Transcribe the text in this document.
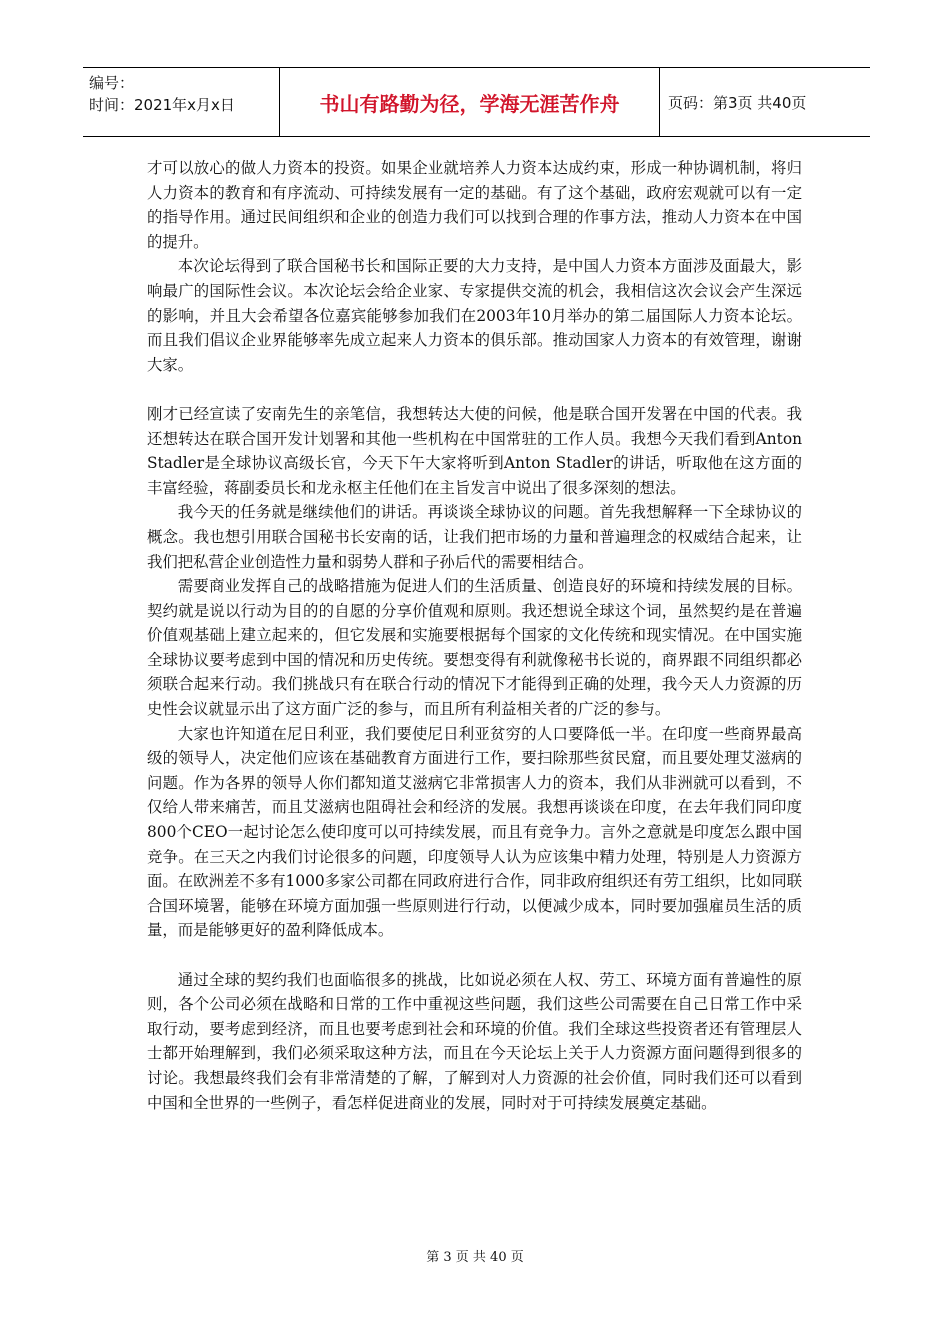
编号：
时间：2021年x月x日	书山有路勤为径，学海无涯苦作舟	页码：第3页 共40页

才可以放心的做人力资本的投资。如果企业就培养人力资本达成约束，形成一种协调机制，将归人力资本的教育和有序流动、可持续发展有一定的基础。有了这个基础，政府宏观就可以有一定的指导作用。通过民间组织和企业的创造力我们可以找到合理的作事方法，推动人力资本在中国的提升。

本次论坛得到了联合国秘书长和国际正要的大力支持，是中国人力资本方面涉及面最大，影响最广的国际性会议。本次论坛会给企业家、专家提供交流的机会，我相信这次会议会产生深远的影响，并且大会希望各位嘉宾能够参加我们在2003年10月举办的第二届国际人力资本论坛。而且我们倡议企业界能够率先成立起来人力资本的俱乐部。推动国家人力资本的有效管理，谢谢大家。

刚才已经宣读了安南先生的亲笔信，我想转达大使的问候，他是联合国开发署在中国的代表。我还想转达在联合国开发计划署和其他一些机构在中国常驻的工作人员。我想今天我们看到Anton Stadler是全球协议高级长官，今天下午大家将听到Anton Stadler的讲话，听取他在这方面的丰富经验，蒋副委员长和龙永枢主任他们在主旨发言中说出了很多深刻的想法。

我今天的任务就是继续他们的讲话。再谈谈全球协议的问题。首先我想解释一下全球协议的概念。我也想引用联合国秘书长安南的话，让我们把市场的力量和普遍理念的权威结合起来，让我们把私营企业创造性力量和弱势人群和子孙后代的需要相结合。

需要商业发挥自己的战略措施为促进人们的生活质量、创造良好的环境和持续发展的目标。契约就是说以行动为目的的自愿的分享价值观和原则。我还想说全球这个词，虽然契约是在普遍价值观基础上建立起来的，但它发展和实施要根据每个国家的文化传统和现实情况。在中国实施全球协议要考虑到中国的情况和历史传统。要想变得有利就像秘书长说的，商界跟不同组织都必须联合起来行动。我们挑战只有在联合行动的情况下才能得到正确的处理，我今天人力资源的历史性会议就显示出了这方面广泛的参与，而且所有利益相关者的广泛的参与。

大家也许知道在尼日利亚，我们要使尼日利亚贫穷的人口要降低一半。在印度一些商界最高级的领导人，决定他们应该在基础教育方面进行工作，要扫除那些贫民窟，而且要处理艾滋病的问题。作为各界的领导人你们都知道艾滋病它非常损害人力的资本，我们从非洲就可以看到，不仅给人带来痛苦，而且艾滋病也阻碍社会和经济的发展。我想再谈谈在印度，在去年我们同印度800个CEO一起讨论怎么使印度可以可持续发展，而且有竞争力。言外之意就是印度怎么跟中国竞争。在三天之内我们讨论很多的问题，印度领导人认为应该集中精力处理，特别是人力资源方面。在欧洲差不多有1000多家公司都在同政府进行合作，同非政府组织还有劳工组织，比如同联合国环境署，能够在环境方面加强一些原则进行行动，以便减少成本，同时要加强雇员生活的质量，而是能够更好的盈利降低成本。

通过全球的契约我们也面临很多的挑战，比如说必须在人权、劳工、环境方面有普遍性的原则，各个公司必须在战略和日常的工作中重视这些问题，我们这些公司需要在自己日常工作中采取行动，要考虑到经济，而且也要考虑到社会和环境的价值。我们全球这些投资者还有管理层人士都开始理解到，我们必须采取这种方法，而且在今天论坛上关于人力资源方面问题得到很多的讨论。我想最终我们会有非常清楚的了解，了解到对人力资源的社会价值，同时我们还可以看到中国和全世界的一些例子，看怎样促进商业的发展，同时对于可持续发展奠定基础。

第 3 页 共 40 页
